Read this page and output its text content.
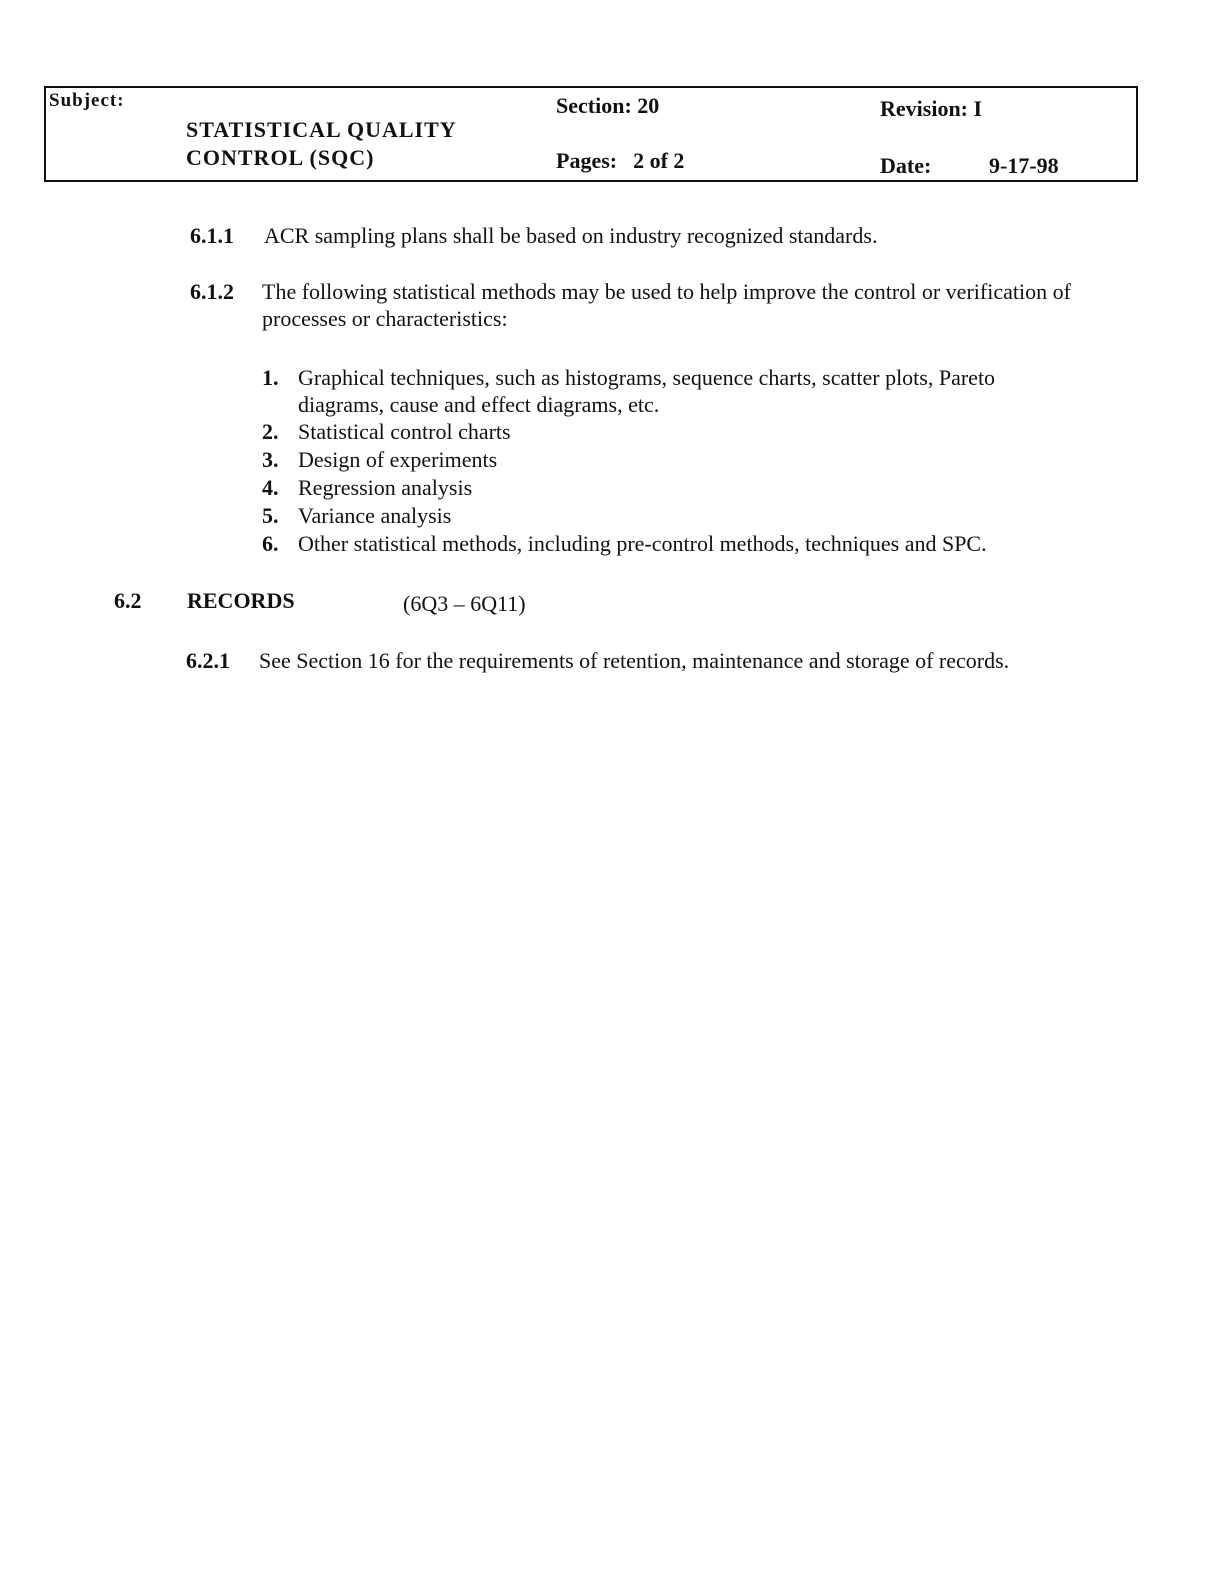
Subject:
STATISTICAL QUALITY
CONTROL (SQC)
Section: 20
Pages: 2 of 2
Revision: I
Date:	9-17-98
6.1.1 ACR sampling plans shall be based on industry recognized standards.
6.1.2 The following statistical methods may be used to help improve the control or verification of processes or characteristics:
1. Graphical techniques, such as histograms, sequence charts, scatter plots, Pareto diagrams, cause and effect diagrams, etc.
2. Statistical control charts
3. Design of experiments
4. Regression analysis
5. Variance analysis
6. Other statistical methods, including pre-control methods, techniques and SPC.
6.2 RECORDS	(6Q3 – 6Q11)
6.2.1 See Section 16 for the requirements of retention, maintenance and storage of records.
